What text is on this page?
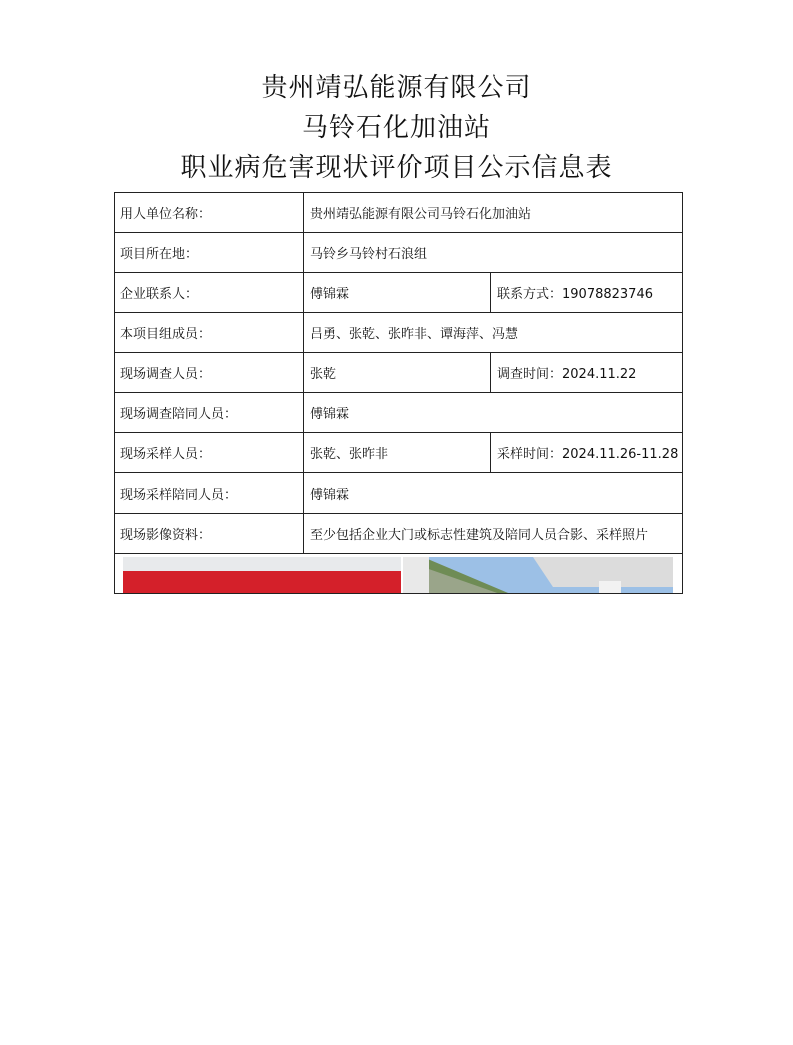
贵州靖弘能源有限公司
马铃石化加油站
职业病危害现状评价项目公示信息表
用人单位名称：	贵州靖弘能源有限公司马铃石化加油站	
项目所在地：	马铃乡马铃村石浪组	
企业联系人：	傅锦霖	联系方式：19078823746
本项目组成员：	吕勇、张乾、张昨非、谭海萍、冯慧	
现场调查人员：	张乾	调查时间：2024.11.22
现场调查陪同人员：	傅锦霖	
现场采样人员：	张乾、张昨非	采样时间：2024.11.26-11.28
现场采样陪同人员：	傅锦霖	
现场影像资料：	至少包括企业大门或标志性建筑及陪同人员合影、采样照片	
